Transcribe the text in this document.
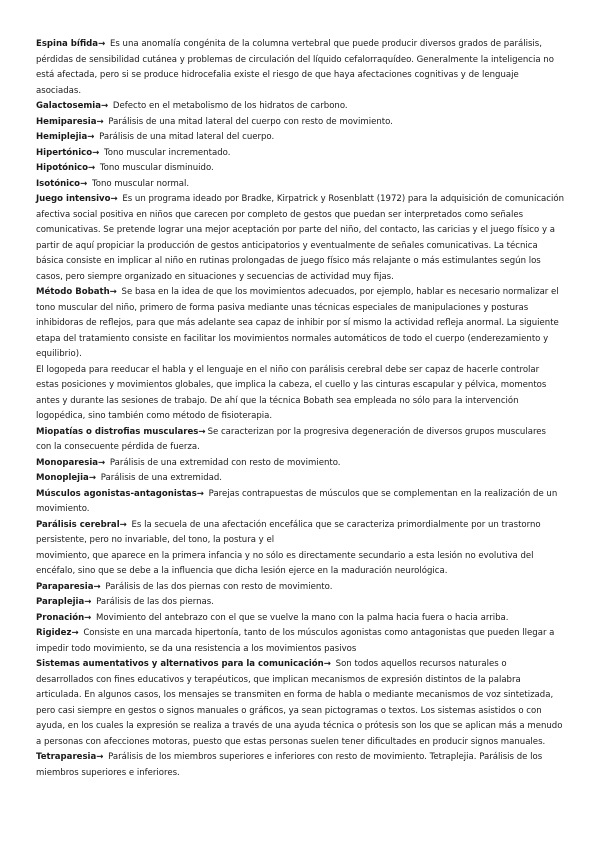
Espina bífida→ Es una anomalía congénita de la columna vertebral que puede producir diversos grados de parálisis, pérdidas de sensibilidad cutánea y problemas de circulación del líquido cefalorraquídeo. Generalmente la inteligencia no está afectada, pero si se produce hidrocefalia existe el riesgo de que haya afectaciones cognitivas y de lenguaje asociadas.

Galactosemia→ Defecto en el metabolismo de los hidratos de carbono.

Hemiparesia→ Parálisis de una mitad lateral del cuerpo con resto de movimiento.

Hemiplejia→ Parálisis de una mitad lateral del cuerpo.

Hipertónico→ Tono muscular incrementado.

Hipotónico→ Tono muscular disminuido.

Isotónico→ Tono muscular normal.

Juego intensivo→ Es un programa ideado por Bradke, Kirpatrick y Rosenblatt (1972) para la adquisición de comunicación afectiva social positiva en niños que carecen por completo de gestos que puedan ser interpretados como señales comunicativas. Se pretende lograr una mejor aceptación por parte del niño, del contacto, las caricias y el juego físico y a partir de aquí propiciar la producción de gestos anticipatorios y eventualmente de señales comunicativas. La técnica básica consiste en implicar al niño en rutinas prolongadas de juego físico más relajante o más estimulantes según los casos, pero siempre organizado en situaciones y secuencias de actividad muy fijas.

Método Bobath→ Se basa en la idea de que los movimientos adecuados, por ejemplo, hablar es necesario normalizar el tono muscular del niño, primero de forma pasiva mediante unas técnicas especiales de manipulaciones y posturas inhibidoras de reflejos, para que más adelante sea capaz de inhibir por sí mismo la actividad refleja anormal. La siguiente etapa del tratamiento consiste en facilitar los movimientos normales automáticos de todo el cuerpo (enderezamiento y equilibrio).

El logopeda para reeducar el habla y el lenguaje en el niño con parálisis cerebral debe ser capaz de hacerle controlar estas posiciones y movimientos globales, que implica la cabeza, el cuello y las cinturas escapular y pélvica, momentos antes y durante las sesiones de trabajo. De ahí que la técnica Bobath sea empleada no sólo para la intervención logopédica, sino también como método de fisioterapia.

Miopatías o distrofias musculares→ Se caracterizan por la progresiva degeneración de diversos grupos musculares con la consecuente pérdida de fuerza.

Monoparesia→ Parálisis de una extremidad con resto de movimiento.

Monoplejia→ Parálisis de una extremidad.

Músculos agonistas-antagonistas→ Parejas contrapuestas de músculos que se complementan en la realización de un movimiento.

Parálisis cerebral→ Es la secuela de una afectación encefálica que se caracteriza primordialmente por un trastorno persistente, pero no invariable, del tono, la postura y el

movimiento, que aparece en la primera infancia y no sólo es directamente secundario a esta lesión no evolutiva del encéfalo, sino que se debe a la influencia que dicha lesión ejerce en la maduración neurológica.

Paraparesia→ Parálisis de las dos piernas con resto de movimiento.

Paraplejia→ Parálisis de las dos piernas.

Pronación→ Movimiento del antebrazo con el que se vuelve la mano con la palma hacia fuera o hacia arriba.

Rigidez→ Consiste en una marcada hipertonía, tanto de los músculos agonistas como antagonistas que pueden llegar a impedir todo movimiento, se da una resistencia a los movimientos pasivos

Sistemas aumentativos y alternativos para la comunicación→ Son todos aquellos recursos naturales o desarrollados con fines educativos y terapéuticos, que implican mecanismos de expresión distintos de la palabra articulada. En algunos casos, los mensajes se transmiten en forma de habla o mediante mecanismos de voz sintetizada, pero casi siempre en gestos o signos manuales o gráficos, ya sean pictogramas o textos. Los sistemas asistidos o con ayuda, en los cuales la expresión se realiza a través de una ayuda técnica o prótesis son los que se aplican más a menudo a personas con afecciones motoras, puesto que estas personas suelen tener dificultades en producir signos manuales.

Tetraparesia→ Parálisis de los miembros superiores e inferiores con resto de movimiento. Tetraplejia. Parálisis de los miembros superiores e inferiores.
